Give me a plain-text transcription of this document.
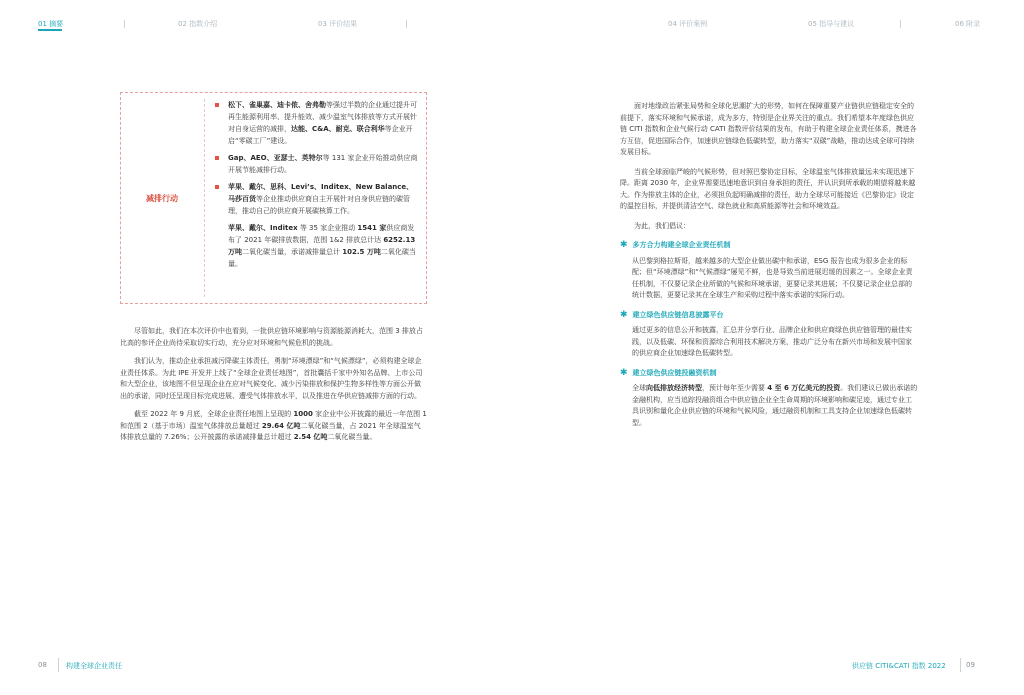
01 摘要	02 指数介绍	03 评价结果	04 评价案例	05 指导与建议	06 附录
减排行动
松下、雀巢嘉、迪卡侬、舍弗勒等强过半数的企业通过提升可再生能源利用率、提升能效、减少温室气体排放等方式开展针对自身运营的减排，达能、C&A、耐克、联合利华等企业开启“零碳工厂”建设。
Gap、AEO、亚瑟士、英特尔等 131 家企业开始推动供应商开展节能减排行动。
苹果、戴尔、思科、Levi’s、Inditex、New Balance、马莎百货等企业推动供应商自主开展针对自身供应链的碳管理，推动自己的供应商开展碳核算工作。
苹果、戴尔、Inditex 等 35 家企业推动 1541 家供应商发布了 2021 年碳排放数据，范围 1&2 排放总计达 6252.13 万吨二氧化碳当量，承诺减排量总计 102.5 万吨二氧化碳当量。

尽管如此，我们在本次评价中也看到，一批供应链环境影响与资源能源消耗大，范围 3 排放占比高的参评企业尚待采取切实行动，充分应对环境和气候危机的挑战。

我们认为，推动企业承担减污降碳主体责任，勇制“环境漂绿”和“气候漂绿”，必须构建全球企业责任体系。为此 IPE 开发并上线了“全球企业责任地图”，首批囊括千家中外知名品牌、上市公司和大型企业，该地图不但呈现企业在应对气候变化、减少污染排放和保护生物多样性等方面公开做出的承诺，同时还呈现目标完成进展、遭受气体排放水平，以及推进在华供应链减排方面的行动。

截至 2022 年 9 月底，全球企业责任地图上呈现的 1000 家企业中公开披露的最近一年范围 1 和范围 2（基于市场）温室气体排放总量超过 29.64 亿吨二氧化碳当量，占 2021 年全球温室气体排放总量的 7.26%；公开披露的承诺减排量总计超过 2.54 亿吨二氧化碳当量。

面对地缘政治紧张局势和全球化思潮扩大的形势，如何在保障重要产业链供应链稳定安全的前提下，落实环境和气候承诺，成为多方，特别是企业界关注的重点。我们希望本年度绿色供应链 CITI 指数和企业气候行动 CATI 指数评价结果的发布，有助于构建全球企业责任体系，携进各方互信，促进国际合作，加速供应链绿色低碳转型，助力落实“双碳”战略，推动达成全球可持续发展目标。

当前全球面临严峻的气候形势，但对照巴黎协定目标，全球温室气体排放量远未实现迅速下降。距离 2030 年，企业界需要迅速地意识到自身承担的责任，并认识到所承载的期望将越来越大。作为排放主体的企业，必须担负起明确减排的责任，助力全球尽可能接近《巴黎协定》设定的温控目标，并提供清洁空气、绿色就业和高质能源等社会和环境效益。

为此，我们倡议：

✱ 多方合力构建全球企业责任机制
从巴黎到格拉斯哥，越来越多的大型企业做出碳中和承诺，ESG 报告也成为很多企业的标配；但“环境漂绿”和“气候漂绿”屡见不鲜，也是导致当前进展迟缓的因素之一。全球企业责任机制，不仅要记录企业所做的气候和环境承诺，更要记录其进展；不仅要记录企业总部的统计数据，更要记录其在全球生产和采购过程中落实承诺的实际行动。
✱ 建立绿色供应链信息披露平台
通过更多的信息公开和披露，汇总并分享行业、品牌企业和供应商绿色供应链管理的最佳实践，以及低碳、环保和资源综合利用技术解决方案，推动广泛分布在新兴市场和发展中国家的供应商企业加速绿色低碳转型。
✱ 建立绿色供应链投融资机制
全球向低排放经济转型，预计每年至少需要 4 至 6 万亿美元的投资。我们建议已做出承诺的金融机构，应当追踪投融资组合中供应链企业全生命周期的环境影响和碳足迹，通过专业工具识别和量化企业供应链的环境和气候风险，通过融资机制和工具支持企业加速绿色低碳转型。
08	构建全球企业责任	供应链 CITI&CATI 指数 2022	09
